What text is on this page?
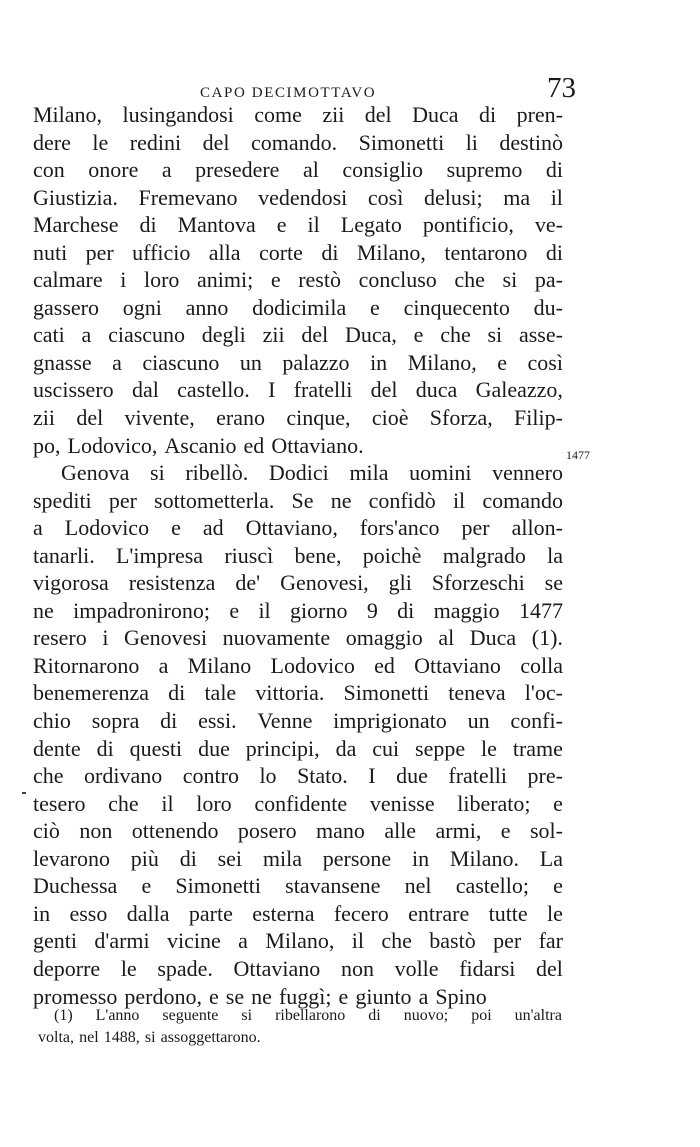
CAPO DECIMOTTAVO	73
Milano, lusingandosi come zii del Duca di pren-
dere le redini del comando. Simonetti li destinò
con onore a presedere al consiglio supremo di
Giustizia. Fremevano vedendosi così delusi; ma il
Marchese di Mantova e il Legato pontificio, ve-
nuti per ufficio alla corte di Milano, tentarono di
calmare i loro animi; e restò concluso che si pa-
gassero ogni anno dodicimila e cinquecento du-
cati a ciascuno degli zii del Duca, e che si asse-
gnasse a ciascuno un palazzo in Milano, e così
uscissero dal castello. I fratelli del duca Galeazzo,
zii del vivente, erano cinque, cioè Sforza, Filip-
po, Lodovico, Ascanio ed Ottaviano.
Genova si ribellò. Dodici mila uomini vennero
spediti per sottometterla. Se ne confidò il comando
a Lodovico e ad Ottaviano, fors'anco per allon-
tanarli. L'impresa riuscì bene, poichè malgrado la
vigorosa resistenza de' Genovesi, gli Sforzeschi se
ne impadronirono; e il giorno 9 di maggio 1477
resero i Genovesi nuovamente omaggio al Duca (1).
Ritornarono a Milano Lodovico ed Ottaviano colla
benemerenza di tale vittoria. Simonetti teneva l'oc-
chio sopra di essi. Venne imprigionato un confi-
dente di questi due principi, da cui seppe le trame
che ordivano contro lo Stato. I due fratelli pre-
tesero che il loro confidente venisse liberato; e
ciò non ottenendo posero mano alle armi, e sol-
levarono più di sei mila persone in Milano. La
Duchessa e Simonetti stavansene nel castello; e
in esso dalla parte esterna fecero entrare tutte le
genti d'armi vicine a Milano, il che bastò per far
deporre le spade. Ottaviano non volle fidarsi del
promesso perdono, e se ne fuggì; e giunto a Spino
1477
(1) L'anno seguente si ribellarono di nuovo; poi un'altra
volta, nel 1488, si assoggettarono.
